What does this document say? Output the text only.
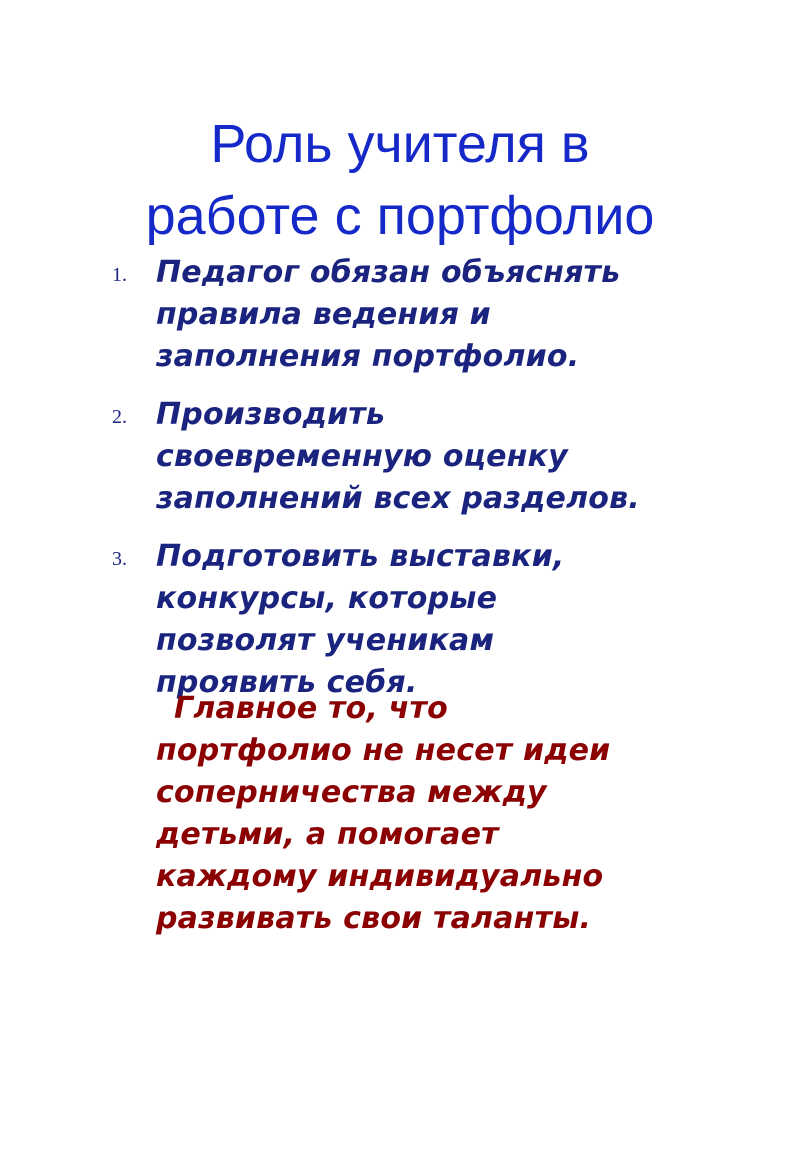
Роль учителя в
работе с портфолио
1. Педагог обязан объяснять
правила ведения и
заполнения портфолио.
2. Производить
своевременную оценку
заполнений всех разделов.
3. Подготовить выставки,
конкурсы, которые
позволят ученикам
проявить себя.
Главное то, что
портфолио не несет идеи
соперничества между
детьми, а помогает
каждому индивидуально
развивать свои таланты.
